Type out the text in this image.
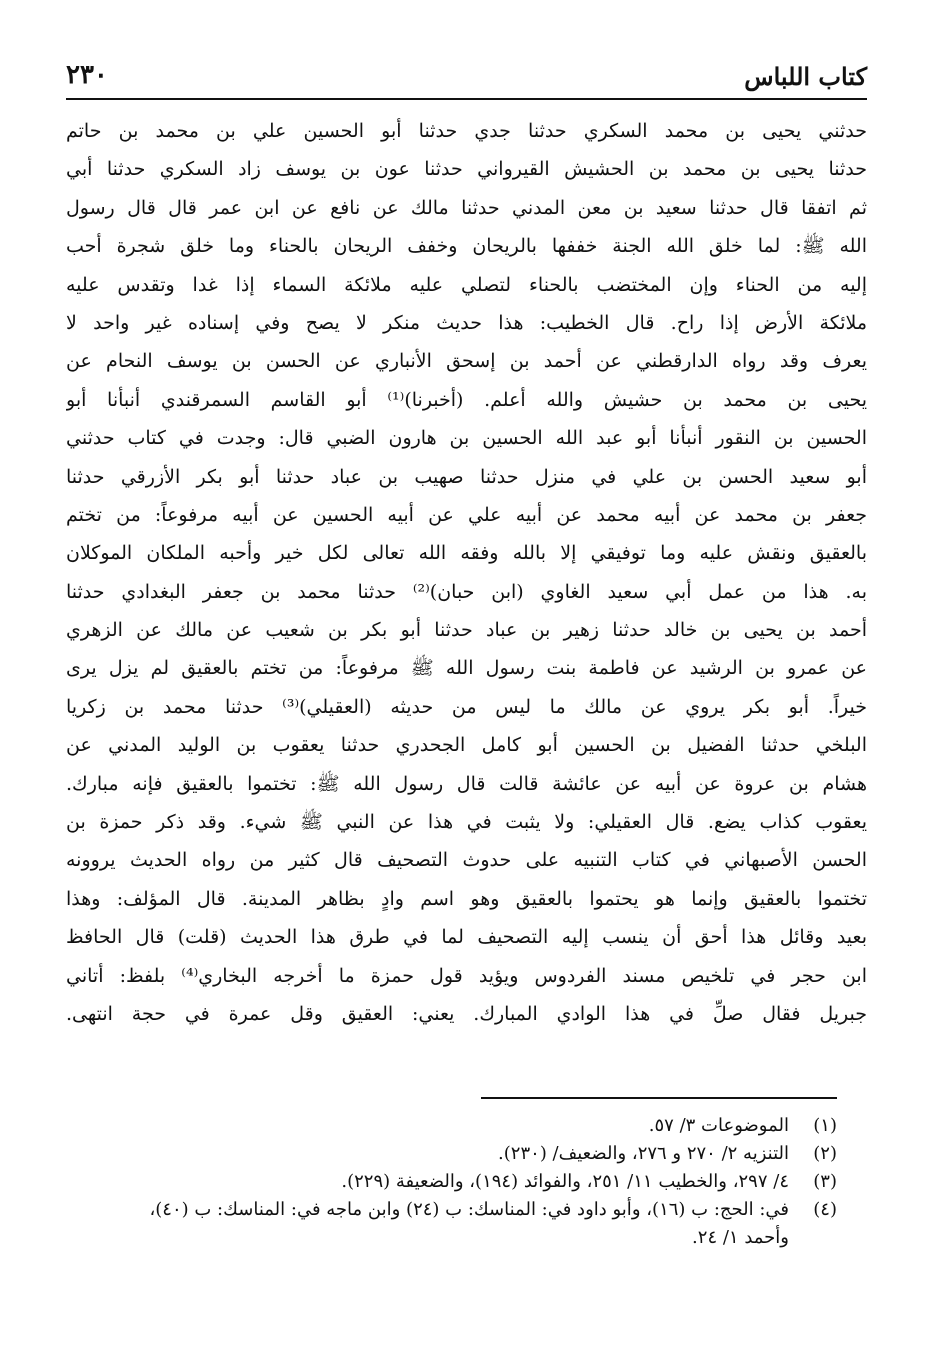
كتاب اللباس
٢٣٠
حدثني يحيى بن محمد السكري حدثنا جدي حدثنا أبو الحسين علي بن محمد بن حاتم
حدثنا يحيى بن محمد بن الحشيش القيرواني حدثنا عون بن يوسف زاد السكري حدثنا أبي
ثم اتفقا قال حدثنا سعيد بن معن المدني حدثنا مالك عن نافع عن ابن عمر قال قال رسول
الله ﷺ: لما خلق الله الجنة خففها بالريحان وخفف الريحان بالحناء وما خلق شجرة أحب
إليه من الحناء وإن المختضب بالحناء لتصلي عليه ملائكة السماء إذا غدا وتقدس عليه
ملائكة الأرض إذا راح. قال الخطيب: هذا حديث منكر لا يصح وفي إسناده غير واحد لا
يعرف وقد رواه الدارقطني عن أحمد بن إسحق الأنباري عن الحسن بن يوسف النحام عن
يحيى بن محمد بن حشيش والله أعلم. (أخبرنا)⁽¹⁾ أبو القاسم السمرقندي أنبأنا أبو
الحسين بن النقور أنبأنا أبو عبد الله الحسين بن هارون الضبي قال: وجدت في كتاب حدثني
أبو سعيد الحسن بن علي في منزل حدثنا صهيب بن عباد حدثنا أبو بكر الأزرقي حدثنا
جعفر بن محمد عن أبيه محمد عن أبيه علي عن أبيه الحسين عن أبيه مرفوعاً: من تختم
بالعقيق ونقش عليه وما توفيقي إلا بالله وفقه الله تعالى لكل خير وأحبه الملكان الموكلان
به. هذا من عمل أبي سعيد الغاوي (ابن حبان)⁽²⁾ حدثنا محمد بن جعفر البغدادي حدثنا
أحمد بن يحيى بن خالد حدثنا زهير بن عباد حدثنا أبو بكر بن شعيب عن مالك عن الزهري
عن عمرو بن الرشيد عن فاطمة بنت رسول الله ﷺ مرفوعاً: من تختم بالعقيق لم يزل يرى
خيراً. أبو بكر يروي عن مالك ما ليس من حديثه (العقيلي)⁽³⁾ حدثنا محمد بن زكريا
البلخي حدثنا الفضيل بن الحسين أبو كامل الجحدري حدثنا يعقوب بن الوليد المدني عن
هشام بن عروة عن أبيه عن عائشة قالت قال رسول الله ﷺ: تختموا بالعقيق فإنه مبارك.
يعقوب كذاب يضع. قال العقيلي: ولا يثبت في هذا عن النبي ﷺ شيء. وقد ذكر حمزة بن
الحسن الأصبهاني في كتاب التنبيه على حدوث التصحيف قال كثير من رواه الحديث يروونه
تختموا بالعقيق وإنما هو يحتموا بالعقيق وهو اسم وادٍ بظاهر المدينة. قال المؤلف: وهذا
بعيد وقائل هذا أحق أن ينسب إليه التصحيف لما في طرق هذا الحديث (قلت) قال الحافظ
ابن حجر في تلخيص مسند الفردوس ويؤيد قول حمزة ما أخرجه البخاري⁽⁴⁾ بلفظ: أتاني
جبريل فقال صلِّ في هذا الوادي المبارك. يعني: العقيق وقل عمرة في حجة انتهى.
(١)
الموضوعات ٣/ ٥٧.
(٢)
التنزيه ٢/ ٢٧٠ و ٢٧٦، والضعيف/ (٢٣٠).
(٣)
٤/ ٢٩٧، والخطيب ١١/ ٢٥١، والفوائد (١٩٤)، والضعيفة (٢٢٩).
(٤)
في: الحج: ب (١٦)، وأبو داود في: المناسك: ب (٢٤) وابن ماجه في: المناسك: ب (٤٠)،
وأحمد ١/ ٢٤.
